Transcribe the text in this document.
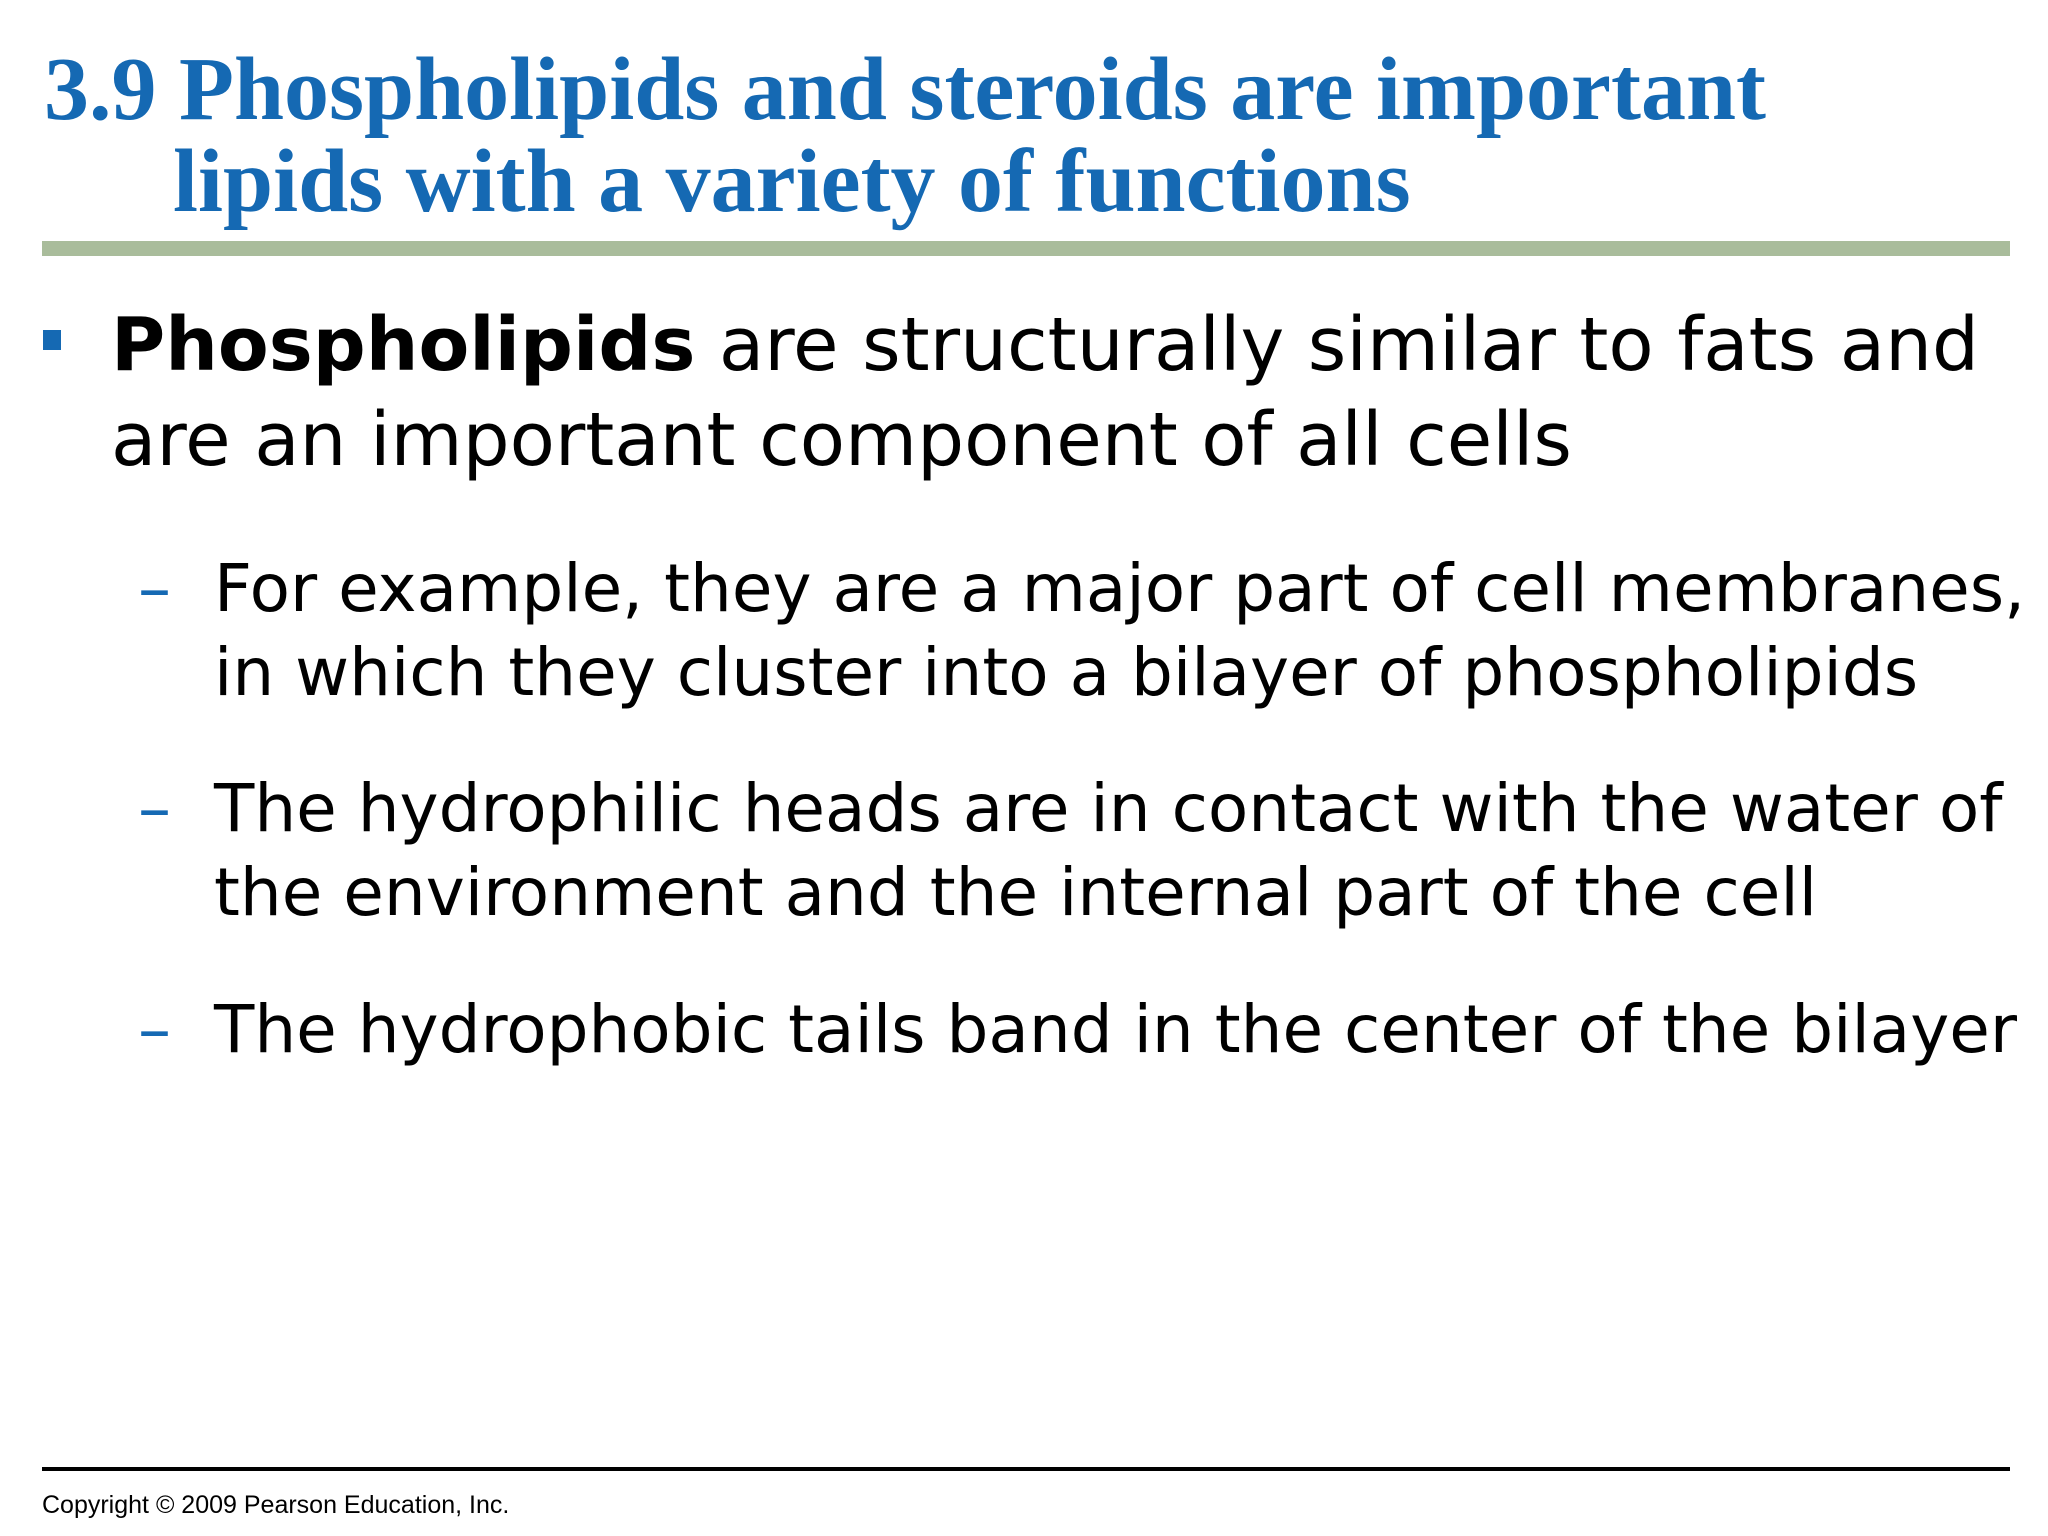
3.9 Phospholipids and steroids are important
lipids with a variety of functions

Phospholipids are structurally similar to fats and
are an important component of all cells

– For example, they are a major part of cell membranes,
in which they cluster into a bilayer of phospholipids
– The hydrophilic heads are in contact with the water of
the environment and the internal part of the cell
– The hydrophobic tails band in the center of the bilayer
Copyright © 2009 Pearson Education, Inc.
